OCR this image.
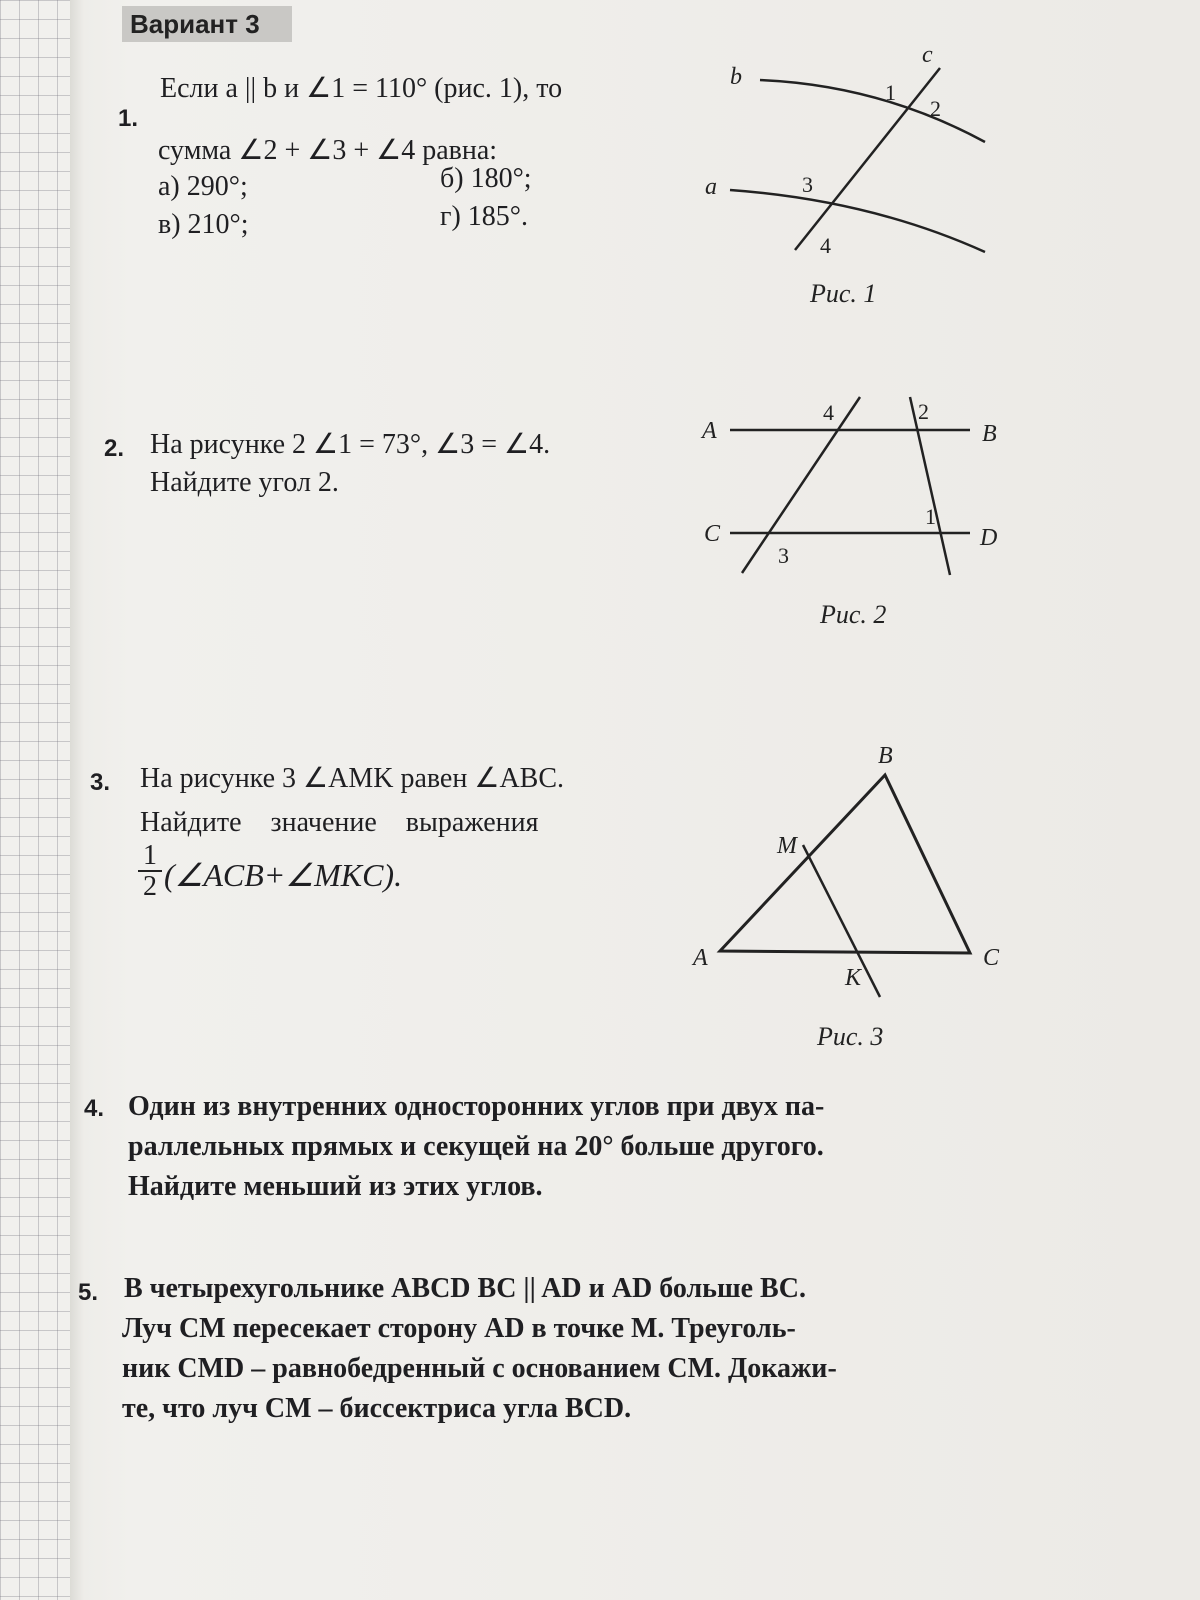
Вариант 3
1.
Если a || b и ∠1 = 110° (рис. 1), то
сумма ∠2 + ∠3 + ∠4 равна:
а) 290°;	б) 180°;
в) 210°;	г) 185°.
b
a
c
1
2
3
4
Рис. 1
2. На рисунке 2 ∠1 = 73°, ∠3 = ∠4.
Найдите угол 2.
A	B
C	D
4	2
1
3
Рис. 2
3. На рисунке 3 ∠AMK равен ∠ABC.
Найдите значение выражения
1
2 (∠ACB+∠MKC).
B
M
A	C
K
Рис. 3
4. Один из внутренних односторонних углов при двух па-
раллельных прямых и секущей на 20° больше другого.
Найдите меньший из этих углов.
5. В четырехугольнике ABCD BC || AD и AD больше BC.
Луч CM пересекает сторону AD в точке M. Треуголь-
ник CMD – равнобедренный с основанием CM. Докажи-
те, что луч CM – биссектриса угла BCD.
